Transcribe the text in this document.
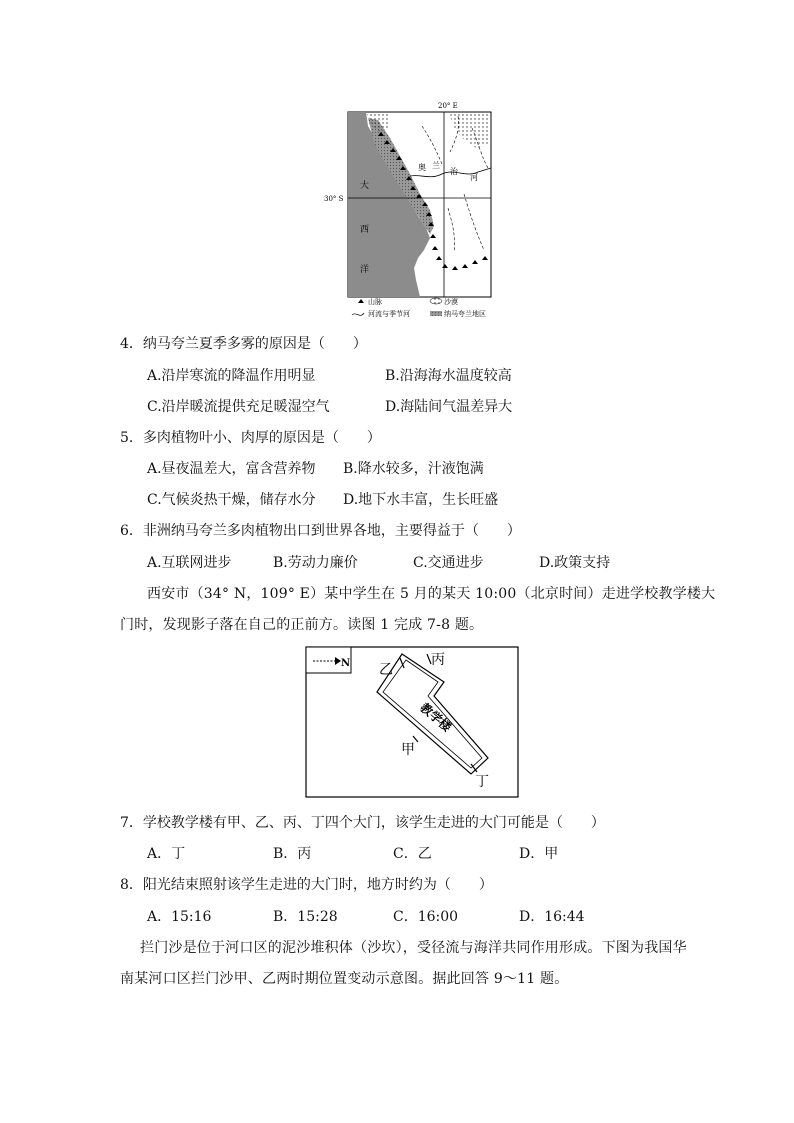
20° E
30° S
大
西
洋
奥 兰
治
河
山脉	沙漠
河流与季节河	纳马夸兰地区
4．纳马夸兰夏季多雾的原因是（　　）
A.沿岸寒流的降温作用明显	B.沿海海水温度较高
C.沿岸暖流提供充足暖湿空气	D.海陆间气温差异大
5．多肉植物叶小、肉厚的原因是（　　）
A.昼夜温差大，富含营养物 B.降水较多，汁液饱满
C.气候炎热干燥，储存水分 D.地下水丰富，生长旺盛
6．非洲纳马夸兰多肉植物出口到世界各地，主要得益于（　　）
A.互联网进步	B.劳动力廉价	C.交通进步	D.政策支持
西安市（34° N，109° E）某中学生在 5 月的某天 10:00（北京时间）走进学校教学楼大
门时，发现影子落在自己的正前方。读图 1 完成 7-8 题。
N
教学楼
乙
丙
甲
丁
7．学校教学楼有甲、乙、丙、丁四个大门，该学生走进的大门可能是（　　）
A．丁	B．丙	C．乙	D．甲
8．阳光结束照射该学生走进的大门时，地方时约为（　　）
A．15:16	B．15:28	C．16:00	D．16:44
拦门沙是位于河口区的泥沙堆积体（沙坎），受径流与海洋共同作用形成。下图为我国华
南某河口区拦门沙甲、乙两时期位置变动示意图。据此回答 9～11 题。
